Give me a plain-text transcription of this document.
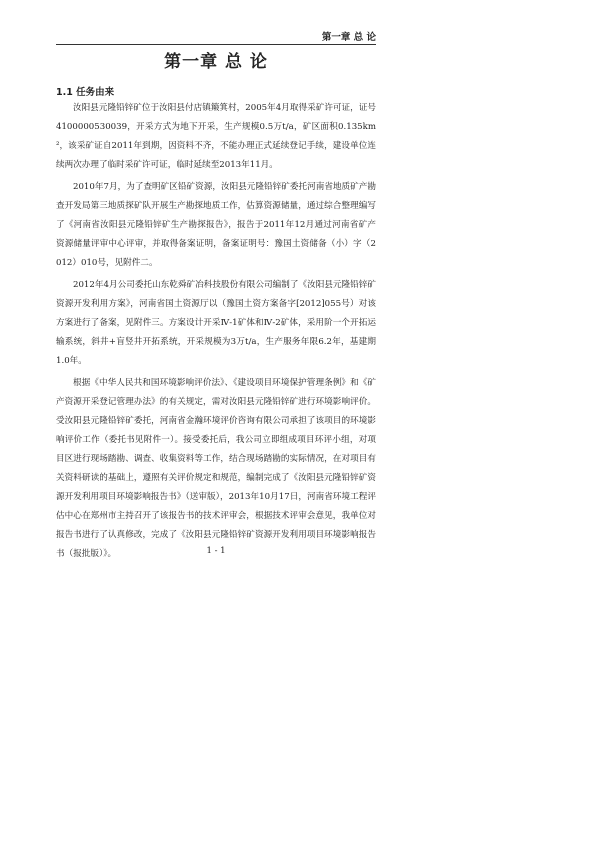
第一章 总 论
第一章 总 论
1.1 任务由来

汝阳县元隆铅锌矿位于汝阳县付店镇簸箕村，2005年4月取得采矿许可证，证号4100000530039，开采方式为地下开采，生产规模0.5万t/a，矿区面积0.135km²，该采矿证自2011年到期，因资料不齐，不能办理正式延续登记手续，建设单位连续两次办理了临时采矿许可证，临时延续至2013年11月。

2010年7月，为了查明矿区铅矿资源，汝阳县元隆铅锌矿委托河南省地质矿产勘查开发局第三地质探矿队开展生产勘探地质工作，估算资源储量，通过综合整理编写了《河南省汝阳县元隆铅锌矿生产勘探报告》，报告于2011年12月通过河南省矿产资源储量评审中心评审，并取得备案证明，备案证明号：豫国土资储备（小）字（2012）010号，见附件二。

2012年4月公司委托山东乾舜矿冶科技股份有限公司编制了《汝阳县元隆铅锌矿资源开发利用方案》，河南省国土资源厅以（豫国土资方案备字[2012]055号）对该方案进行了备案，见附件三。方案设计开采Ⅳ-1矿体和Ⅳ-2矿体，采用阶一个开拓运输系统，斜井+盲竖井开拓系统，开采规模为3万t/a，生产服务年限6.2年，基建期1.0年。

根据《中华人民共和国环境影响评价法》、《建设项目环境保护管理条例》和《矿产资源开采登记管理办法》的有关规定，需对汝阳县元隆铅锌矿进行环境影响评价。受汝阳县元隆铅锌矿委托，河南省金瀚环境评价咨询有限公司承担了该项目的环境影响评价工作（委托书见附件一）。接受委托后，我公司立即组成项目环评小组，对项目区进行现场踏勘、调查、收集资料等工作，结合现场踏勘的实际情况，在对项目有关资料研读的基础上，遵照有关评价规定和规范，编制完成了《汝阳县元隆铅锌矿资源开发利用项目环境影响报告书》（送审版），2013年10月17日，河南省环境工程评估中心在郑州市主持召开了该报告书的技术评审会，根据技术评审会意见，我单位对报告书进行了认真修改，完成了《汝阳县元隆铅锌矿资源开发利用项目环境影响报告书（报批版）》。	1 - 1
